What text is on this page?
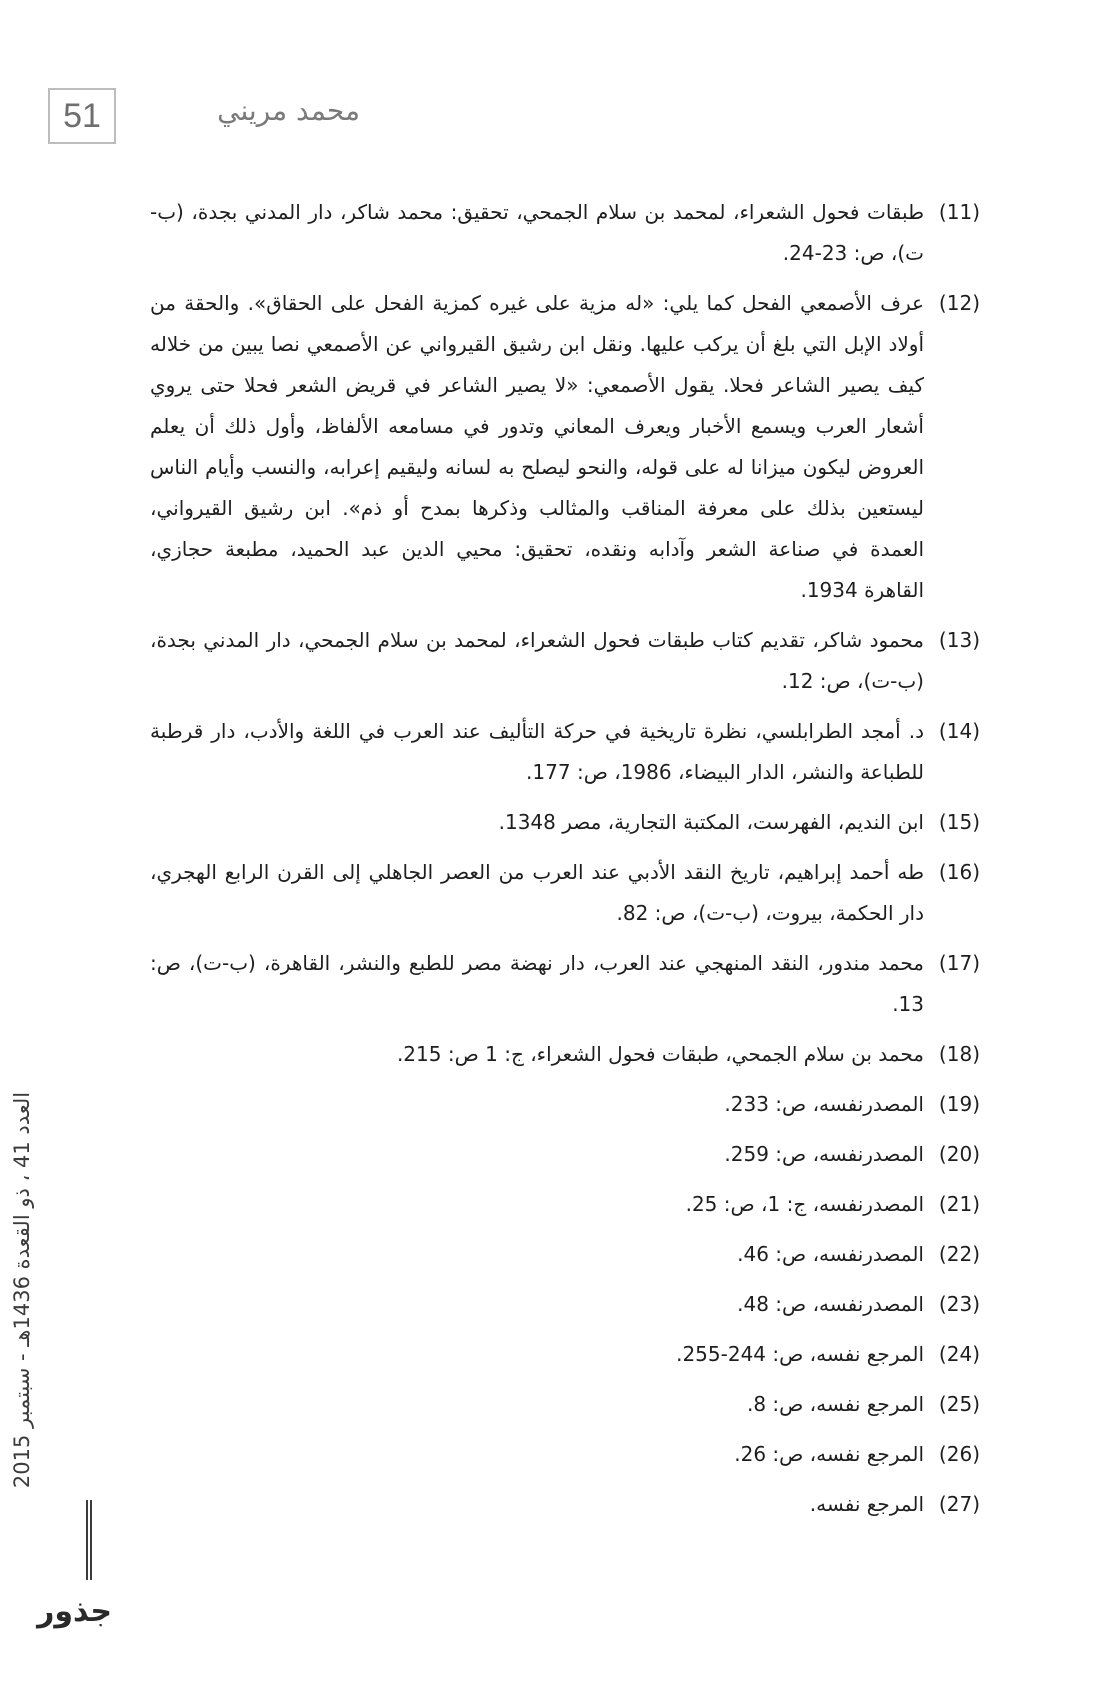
51	محمد مريني
(11)
طبقات فحول الشعراء، لمحمد بن سلام الجمحي، تحقيق: محمد شاكر، دار المدني بجدة، (ب-ت)، ص: 23-24.
(12)
عرف الأصمعي الفحل كما يلي: «له مزية على غيره كمزية الفحل على الحقاق». والحقة من أولاد الإبل التي بلغ أن يركب عليها. ونقل ابن رشيق القيرواني عن الأصمعي نصا يبين من خلاله كيف يصير الشاعر فحلا. يقول الأصمعي: «لا يصير الشاعر في قريض الشعر فحلا حتى يروي أشعار العرب ويسمع الأخبار ويعرف المعاني وتدور في مسامعه الألفاظ، وأول ذلك أن يعلم العروض ليكون ميزانا له على قوله، والنحو ليصلح به لسانه وليقيم إعرابه، والنسب وأيام الناس ليستعين بذلك على معرفة المناقب والمثالب وذكرها بمدح أو ذم». ابن رشيق القيرواني، العمدة في صناعة الشعر وآدابه ونقده، تحقيق: محيي الدين عبد الحميد، مطبعة حجازي، القاهرة 1934.
(13)
محمود شاكر، تقديم كتاب طبقات فحول الشعراء، لمحمد بن سلام الجمحي، دار المدني بجدة، (ب-ت)، ص: 12.
(14)
د. أمجد الطرابلسي، نظرة تاريخية في حركة التأليف عند العرب في اللغة والأدب، دار قرطبة للطباعة والنشر، الدار البيضاء، 1986، ص: 177.
(15)
ابن النديم، الفهرست، المكتبة التجارية، مصر 1348.
(16)
طه أحمد إبراهيم، تاريخ النقد الأدبي عند العرب من العصر الجاهلي إلى القرن الرابع الهجري، دار الحكمة، بيروت، (ب-ت)، ص: 82.
(17)
محمد مندور، النقد المنهجي عند العرب، دار نهضة مصر للطبع والنشر، القاهرة، (ب-ت)، ص: 13.
(18)
محمد بن سلام الجمحي، طبقات فحول الشعراء، ج: 1 ص: 215.
(19)
المصدرنفسه، ص: 233.
(20)
المصدرنفسه، ص: 259.
(21)
المصدرنفسه، ج: 1، ص: 25.
(22)
المصدرنفسه، ص: 46.
(23)
المصدرنفسه، ص: 48.
(24)
المرجع نفسه، ص: 244-255.
(25)
المرجع نفسه، ص: 8.
(26)
المرجع نفسه، ص: 26.
(27)
المرجع نفسه.
العدد 41 ، ذو القعدة 1436هـ - سبتمبر 2015
جذور
